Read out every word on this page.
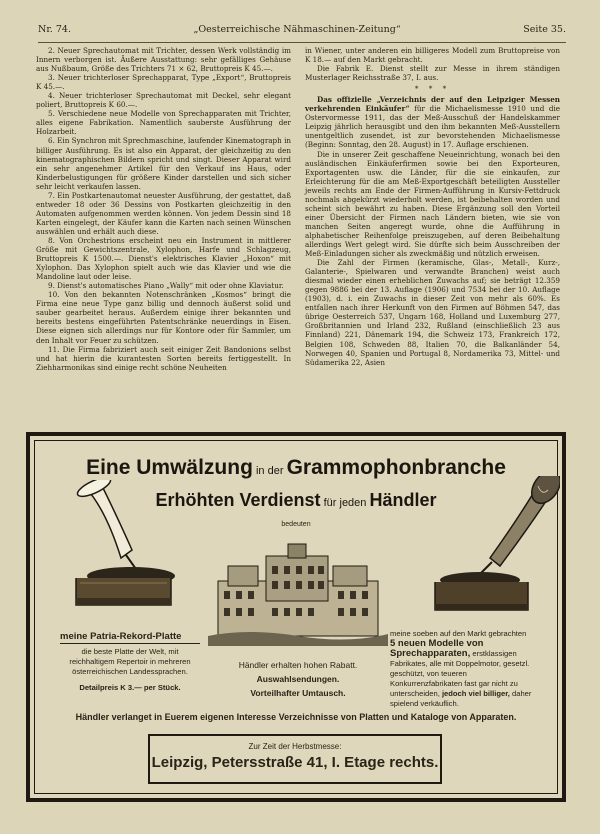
Nr. 74.	„Oesterreichische Nähmaschinen-Zeitung“	Seite 35.

2. Neuer Sprechautomat mit Trichter, dessen Werk vollständig im Innern verborgen ist. Äußere Ausstattung: sehr gefälliges Gehäuse aus Nußbaum, Größe des Trichters 71 × 62, Bruttopreis K 45.—.

3. Neuer trichterloser Sprechapparat, Type „Export“, Bruttopreis K 45.—.

4. Neuer trichterloser Sprechautomat mit Deckel, sehr elegant poliert, Bruttopreis K 60.—.

5. Verschiedene neue Modelle von Sprechapparaten mit Trichter, alles eigene Fabrikation. Namentlich sauberste Ausführung der Holzarbeit.

6. Ein Synchron mit Sprechmaschine, laufender Kinematograph in billiger Ausführung. Es ist also ein Apparat, der gleichzeitig zu den kinematographischen Bildern spricht und singt. Dieser Apparat wird ein sehr angenehmer Artikel für den Verkauf ins Haus, oder Kinderbelustigungen für größere Kinder darstellen und sich sicher sehr leicht verkaufen lassen.

7. Ein Postkartenautomat neuester Ausführung, der gestattet, daß entweder 18 oder 36 Dessins von Postkarten gleichzeitig in den Automaten aufgenommen werden können. Von jedem Dessin sind 18 Karten eingelegt, der Käufer kann die Karten nach seinen Wünschen auswählen und erhält auch diese.

8. Von Orchestrions erscheint neu ein Instrument in mittlerer Größe mit Gewichtszentrale, Xylophon, Harfe und Schlagzeug, Bruttopreis K 1500.—. Dienst's elektrisches Klavier „Hoxon“ mit Xylophon. Das Xylophon spielt auch wie das Klavier und wie die Mandoline laut oder leise.

9. Dienst's automatisches Piano „Wally“ mit oder ohne Klaviatur.

10. Von den bekannten Notenschränken „Kosmos“ bringt die Firma eine neue Type ganz billig und dennoch äußerst solid und sauber gearbeitet heraus. Außerdem einige ihrer bekannten und bereits bestens eingeführten Patentschränke neuerdings in Eisen. Diese eignen sich allerdings nur für Kontore oder für Sammler, um den Inhalt vor Feuer zu schützen.

11. Die Firma fabriziert auch seit einiger Zeit Bandonions selbst und hat hierin die kurantesten Sorten bereits fertiggestellt. In Ziehharmonikas sind einige recht schöne Neuheiten

in Wiener, unter anderen ein billigeres Modell zum Bruttopreise von K 18.— auf den Markt gebracht.

Die Fabrik E. Dienst stellt zur Messe in ihrem ständigen Musterlager Reichsstraße 37, I. aus.

* * *

Das offizielle „Verzeichnis der auf den Leipziger Messen verkehrenden Einkäufer“ für die Michaelismesse 1910 und die Ostervormesse 1911, das der Meß-Ausschuß der Handelskammer Leipzig jährlich herausgibt und den ihm bekannten Meß-Ausstellern unentgeltlich zusendet, ist zur bevorstehenden Michaelismesse (Beginn: Sonntag, den 28. August) in 17. Auflage erschienen.

Die in unserer Zeit geschaffene Neueinrichtung, wonach bei den ausländischen Einkäuferfirmen sowie bei den Exporteuren, Exportagenten usw. die Länder, für die sie einkaufen, zur Erleichterung für die am Meß-Exportgeschäft beteiligten Aussteller jeweils rechts am Ende der Firmen-Aufführung in Kursiv-Fettdruck nochmals abgekürzt wiederholt werden, ist beibehalten worden und scheint sich bewährt zu haben. Diese Ergänzung soll den Vorteil einer Übersicht der Firmen nach Ländern bieten, wie sie von manchen Seiten angeregt wurde, ohne die Aufführung in alphabetischer Reihenfolge preiszugeben, auf deren Beibehaltung allerdings Wert gelegt wird. Sie dürfte sich beim Ausschreiben der Meß-Einladungen sicher als zweckmäßig und nützlich erweisen.

Die Zahl der Firmen (keramische, Glas-, Metall-, Kurz-, Galanterie-, Spielwaren und verwandte Branchen) weist auch diesmal wieder einen erheblichen Zuwachs auf; sie beträgt 12.359 gegen 9886 bei der 13. Auflage (1906) und 7534 bei der 10. Auflage (1903), d. i. ein Zuwachs in dieser Zeit von mehr als 60%. Es entfallen nach ihrer Herkunft von den Firmen auf Böhmen 547, das übrige Oesterreich 537, Ungarn 168, Holland und Luxemburg 277, Großbritannien und Irland 232, Rußland (einschließlich 23 aus Finnland) 221, Dänemark 194, die Schweiz 173, Frankreich 172, Belgien 108, Schweden 88, Italien 70, die Balkanländer 54, Norwegen 40, Spanien und Portugal 8, Nordamerika 73, Mittel- und Südamerika 22, Asien

Eine Umwälzung in der Grammophonbranche
Erhöhten Verdienst für jeden Händler
bedeuten
meine Patria-Rekord-Platte
die beste Platte der Welt, mit reichhaltigem Repertoir in mehreren österreichischen Landessprachen.
Detailpreis K 3.— per Stück.
Händler erhalten hohen Rabatt.
Auswahlsendungen.
Vorteilhafter Umtausch.
meine soeben auf den Markt gebrachten
5 neuen Modelle von Sprechapparaten, erstklassigen Fabrikates, alle mit Doppelmotor, gesetzl. geschützt, von teueren Konkurrenzfabrikaten fast gar nicht zu unterscheiden, jedoch viel billiger, daher spielend verkäuflich.
Händler verlanget in Euerem eigenen Interesse Verzeichnisse von Platten und Kataloge von Apparaten.
Zur Zeit der Herbstmesse:
Leipzig, Petersstraße 41, I. Etage rechts.
